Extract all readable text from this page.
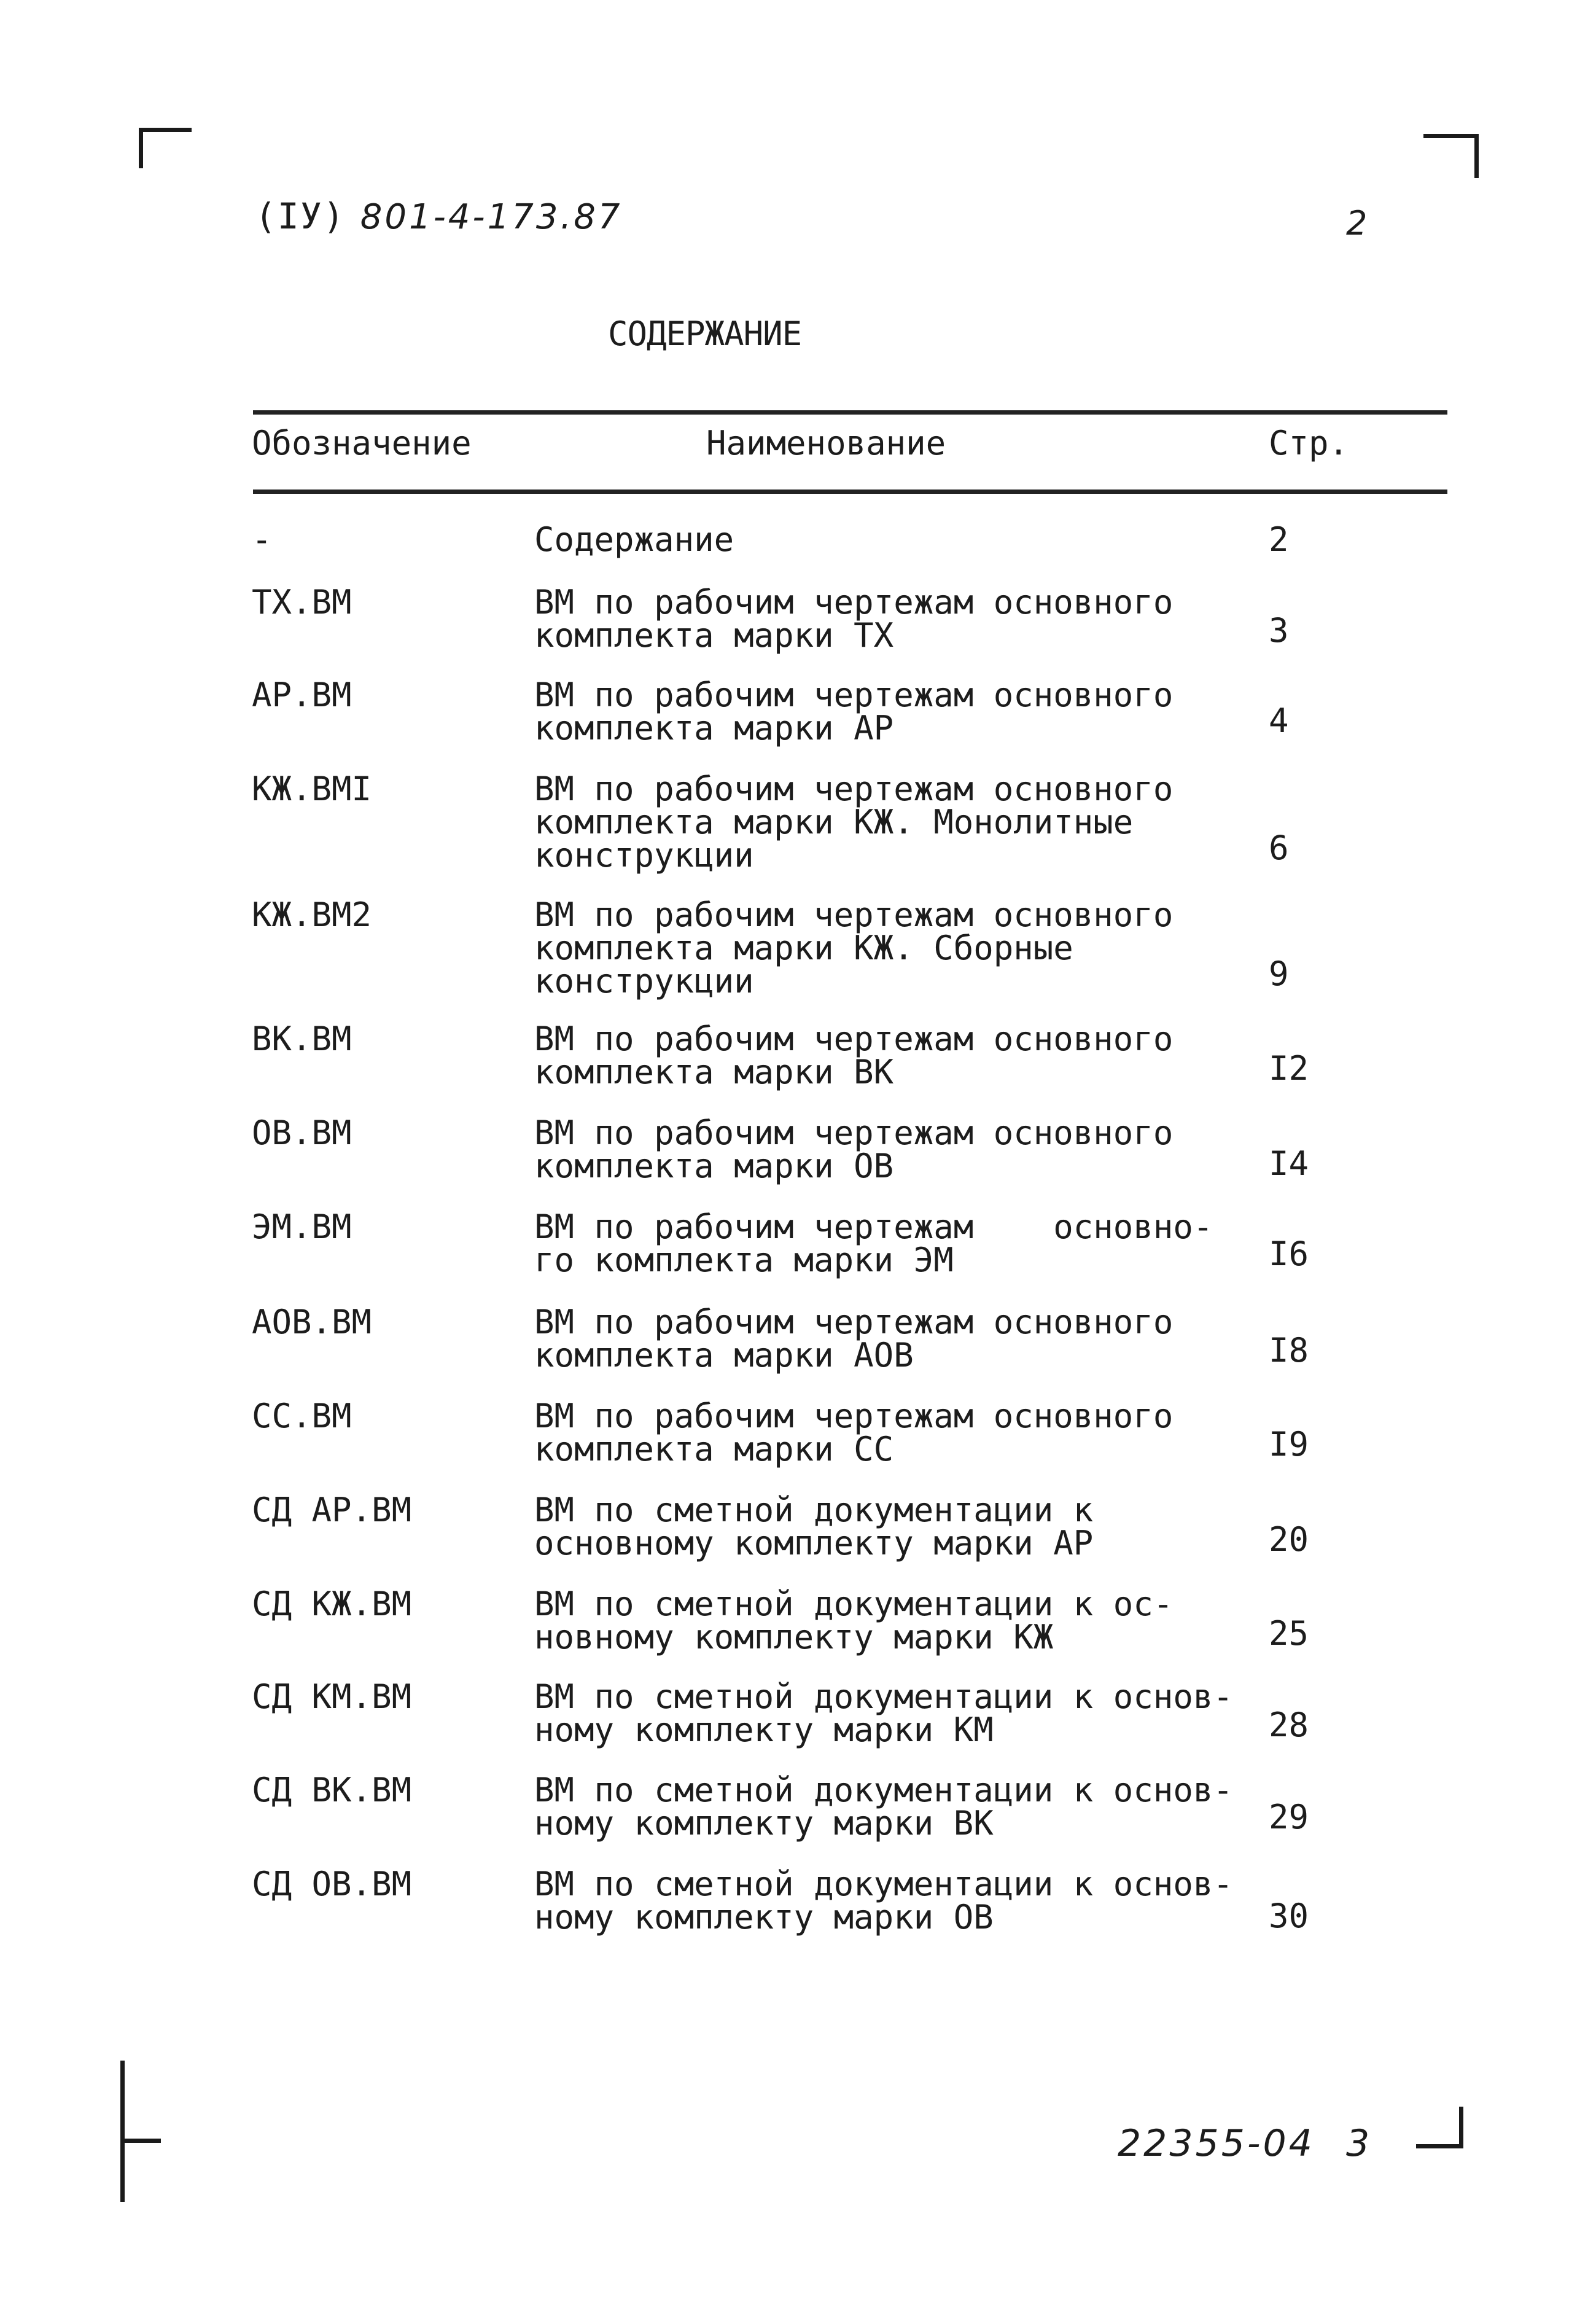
(IУ) 801-4-173.87	2
СОДЕРЖАНИЕ
Обозначение	Наименование	Стр.
-	Содержание	2
ТХ.ВМ	ВМ по рабочим чертежам основного
комплекта марки ТХ	3
АР.ВМ	ВМ по рабочим чертежам основного
комплекта марки АР	4
КЖ.ВМI	ВМ по рабочим чертежам основного
комплекта марки КЖ. Монолитные
конструкции	6
КЖ.ВМ2	ВМ по рабочим чертежам основного
комплекта марки КЖ. Сборные
конструкции	9
ВК.ВМ	ВМ по рабочим чертежам основного
комплекта марки ВК	I2
ОВ.ВМ	ВМ по рабочим чертежам основного
комплекта марки ОВ	I4
ЭМ.ВМ	ВМ по рабочим чертежам    основно-
го комплекта марки ЭМ	I6
АОВ.ВМ	ВМ по рабочим чертежам основного
комплекта марки АОВ	I8
СС.ВМ	ВМ по рабочим чертежам основного
комплекта марки СС	I9
СД АР.ВМ	ВМ по сметной документации к
основному комплекту марки АР	20
СД КЖ.ВМ	ВМ по сметной документации к ос-
новному комплекту марки КЖ	25
СД КМ.ВМ	ВМ по сметной документации к основ-
ному комплекту марки КМ	28
СД ВК.ВМ	ВМ по сметной документации к основ-
ному комплекту марки ВК	29
СД ОВ.ВМ	ВМ по сметной документации к основ-
ному комплекту марки ОВ	30
22355-04 3
